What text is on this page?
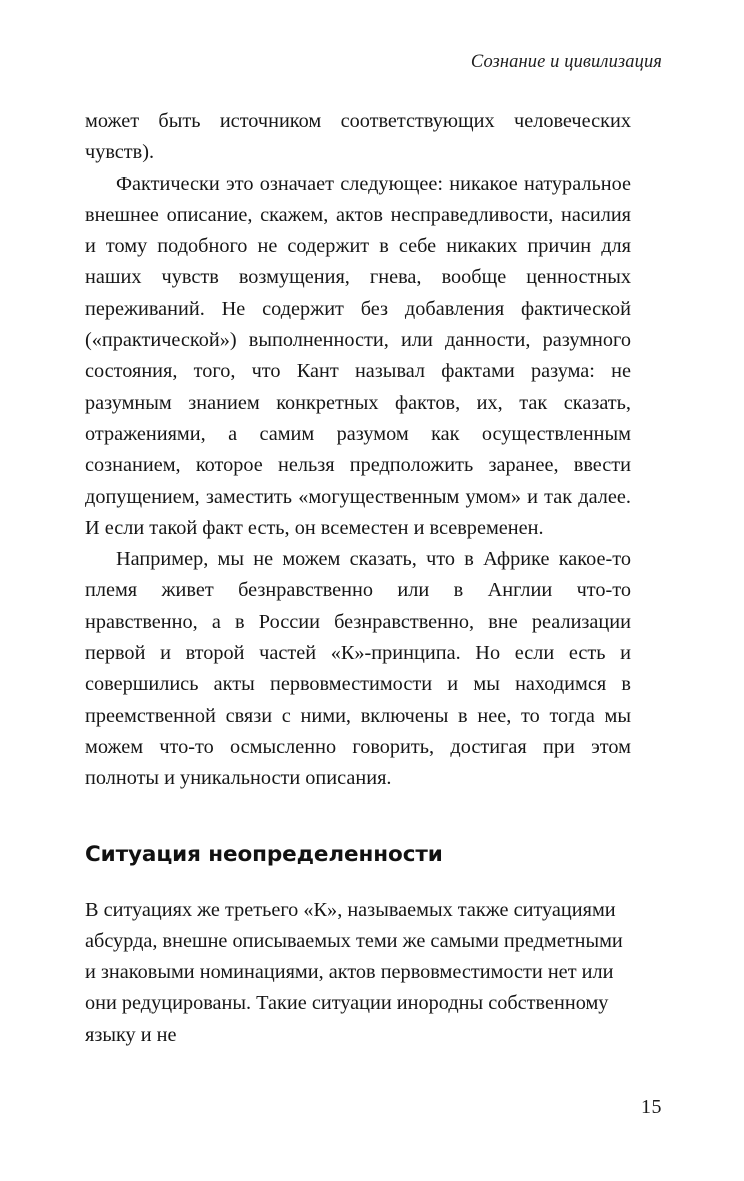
Сознание и цивилизация

может быть источником соответствующих человеческих чувств).

Фактически это означает следующее: никакое натуральное внешнее описание, скажем, актов несправедливости, насилия и тому подобного не содержит в себе никаких причин для наших чувств возмущения, гнева, вообще ценностных переживаний. Не содержит без добавления фактической («практической») выполненности, или данности, разумного состояния, того, что Кант называл фактами разума: не разумным знанием конкретных фактов, их, так сказать, отражениями, а самим разумом как осуществленным сознанием, которое нельзя предположить заранее, ввести допущением, заместить «могущественным умом» и так далее. И если такой факт есть, он всеместен и всевременен.

Например, мы не можем сказать, что в Африке какое-то племя живет безнравственно или в Англии что-то нравственно, а в России безнравственно, вне реализации первой и второй частей «К»-принципа. Но если есть и совершились акты первовместимости и мы находимся в преемственной связи с ними, включены в нее, то тогда мы можем что-то осмысленно говорить, достигая при этом полноты и уникальности описания.

Ситуация неопределенности

В ситуациях же третьего «К», называемых также ситуациями абсурда, внешне описываемых теми же самыми предметными и знаковыми номинациями, актов первовместимости нет или они редуцированы. Такие ситуации инородны собственному языку и не

15
